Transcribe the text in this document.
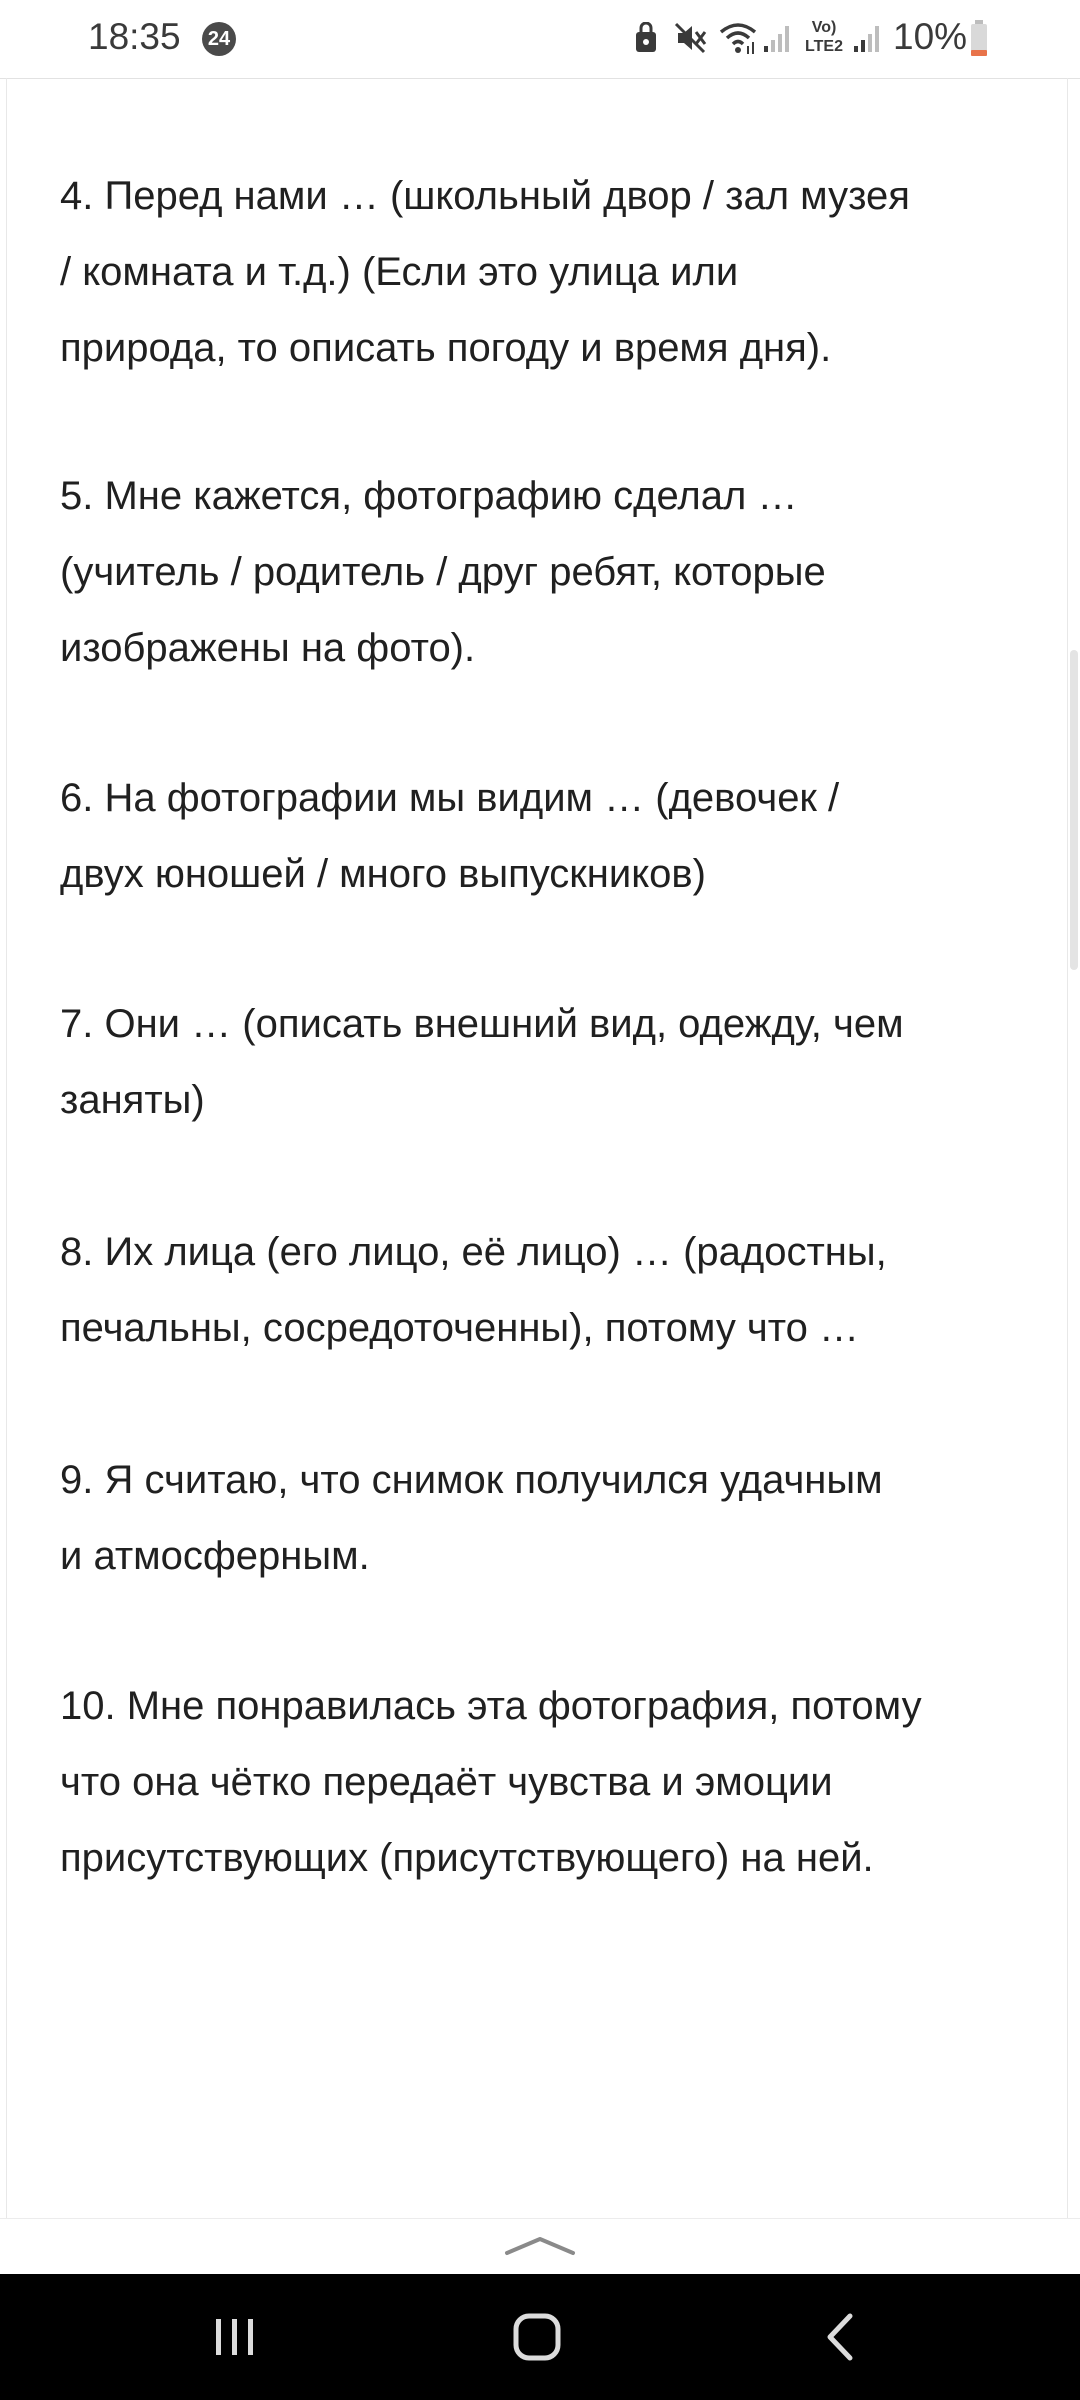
18:35 24	Vo)
LTE2 10%

4. Перед нами … (школьный двор / зал музея
/ комната и т.д.) (Если это улица или
природа, то описать погоду и время дня).

5. Мне кажется, фотографию сделал …
(учитель / родитель / друг ребят, которые
изображены на фото).

6. На фотографии мы видим … (девочек /
двух юношей / много выпускников)

7. Они … (описать внешний вид, одежду, чем
заняты)

8. Их лица (его лицо, её лицо) … (радостны,
печальны, сосредоточенны), потому что …

9. Я считаю, что снимок получился удачным
и атмосферным.

10. Мне понравилась эта фотография, потому
что она чётко передаёт чувства и эмоции
присутствующих (присутствующего) на ней.
